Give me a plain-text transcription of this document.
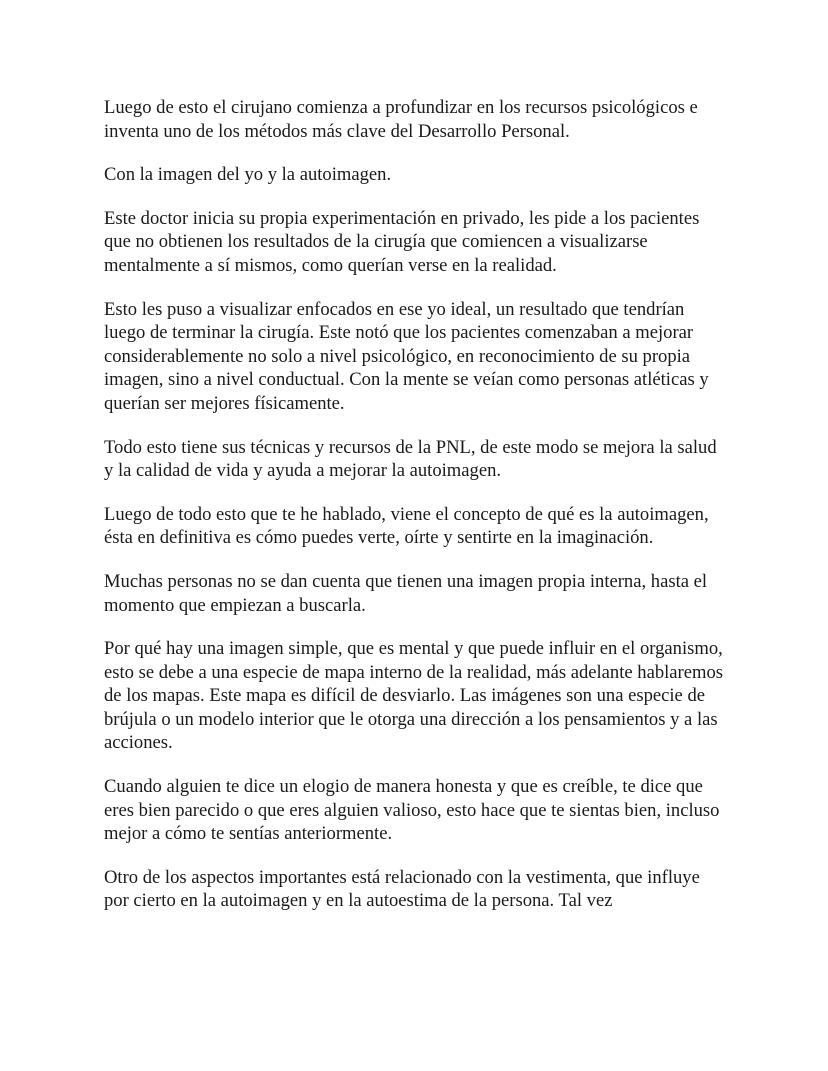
Luego de esto el cirujano comienza a profundizar en los recursos psicológicos e inventa uno de los métodos más clave del Desarrollo Personal.

Con la imagen del yo y la autoimagen.

Este doctor inicia su propia experimentación en privado, les pide a los pacientes que no obtienen los resultados de la cirugía que comiencen a visualizarse mentalmente a sí mismos, como querían verse en la realidad.

Esto les puso a visualizar enfocados en ese yo ideal, un resultado que tendrían luego de terminar la cirugía. Este notó que los pacientes comenzaban a mejorar considerablemente no solo a nivel psicológico, en reconocimiento de su propia imagen, sino a nivel conductual. Con la mente se veían como personas atléticas y querían ser mejores físicamente.

Todo esto tiene sus técnicas y recursos de la PNL, de este modo se mejora la salud y la calidad de vida y ayuda a mejorar la autoimagen.

Luego de todo esto que te he hablado, viene el concepto de qué es la autoimagen, ésta en definitiva es cómo puedes verte, oírte y sentirte en la imaginación.

Muchas personas no se dan cuenta que tienen una imagen propia interna, hasta el momento que empiezan a buscarla.

Por qué hay una imagen simple, que es mental y que puede influir en el organismo, esto se debe a una especie de mapa interno de la realidad, más adelante hablaremos de los mapas. Este mapa es difícil de desviarlo. Las imágenes son una especie de brújula o un modelo interior que le otorga una dirección a los pensamientos y a las acciones.

Cuando alguien te dice un elogio de manera honesta y que es creíble, te dice que eres bien parecido o que eres alguien valioso, esto hace que te sientas bien, incluso mejor a cómo te sentías anteriormente.

Otro de los aspectos importantes está relacionado con la vestimenta, que influye por cierto en la autoimagen y en la autoestima de la persona. Tal vez
